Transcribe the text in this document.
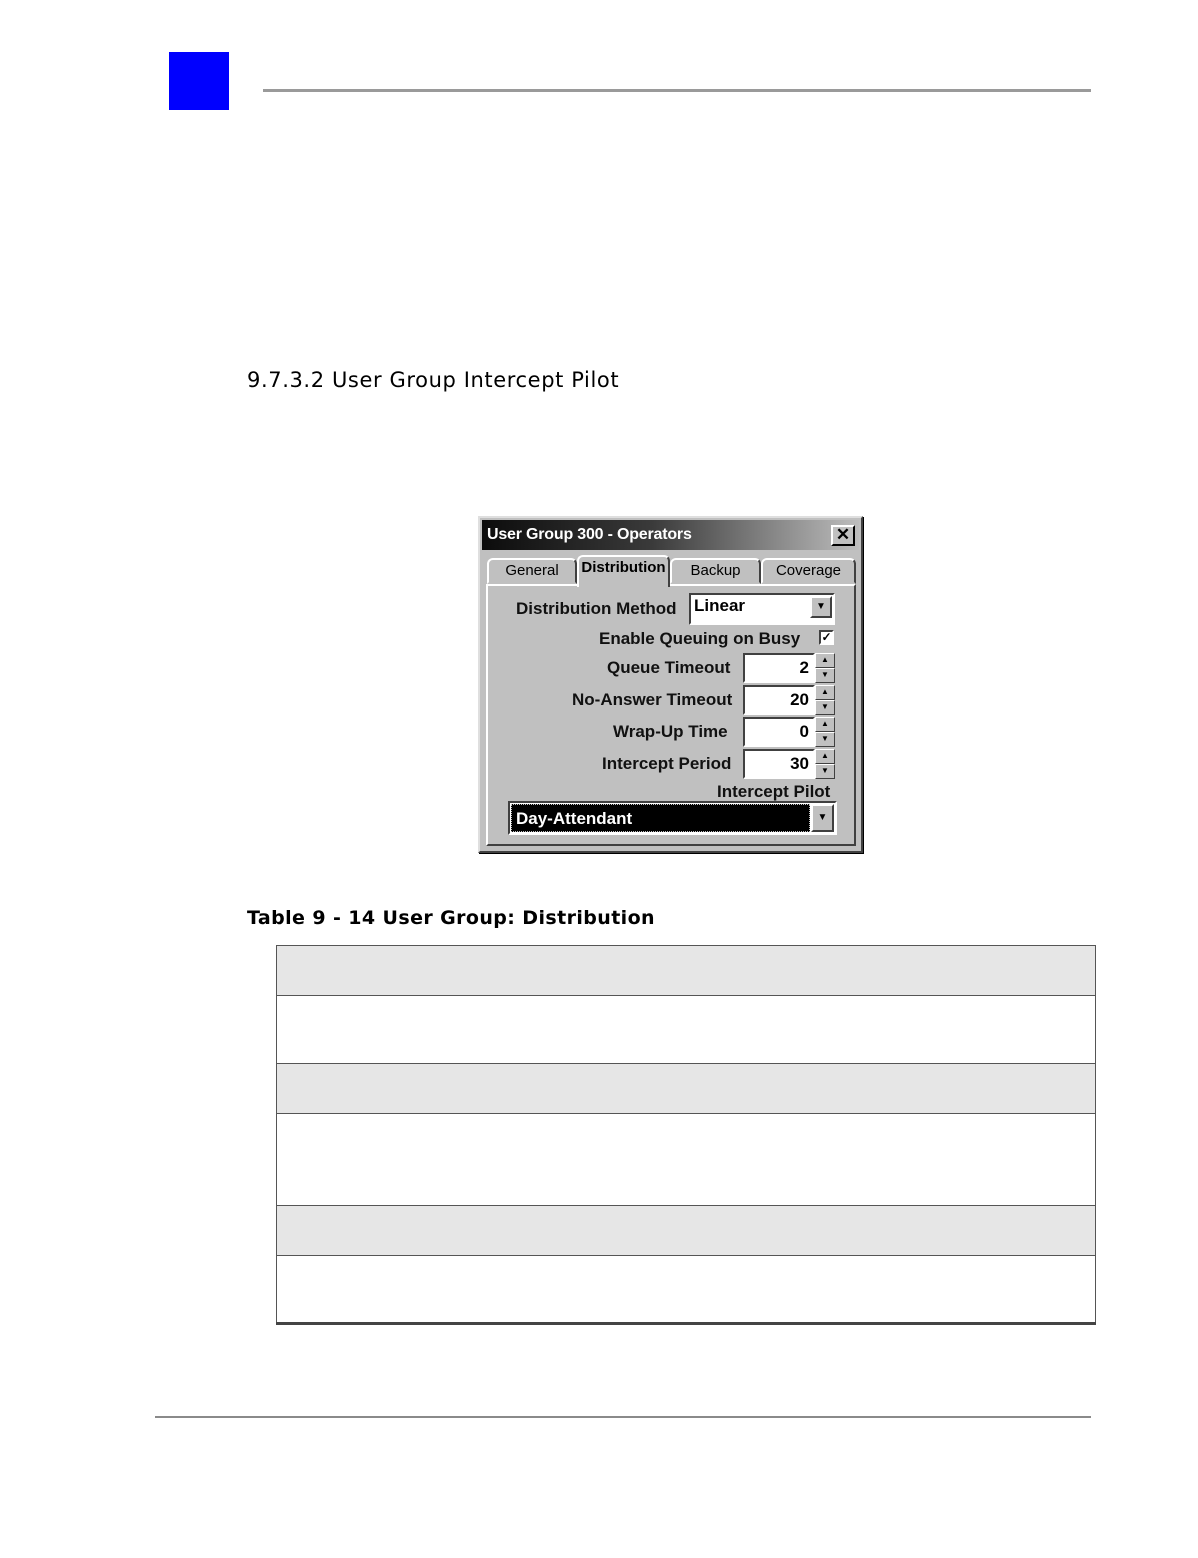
9.7.3.2 User Group Intercept Pilot
User Group 300 - Operators	✕
General	Distribution	Backup	Coverage
Distribution Method Linear	▼
Enable Queuing on Busy ✓
Queue Timeout	2	▲
▼
No-Answer Timeout	20	▲
▼
Wrap-Up Time	0	▲
▼
Intercept Period	30	▲
▼
Intercept Pilot
Day-Attendant	▼
Table 9 - 14 User Group: Distribution
